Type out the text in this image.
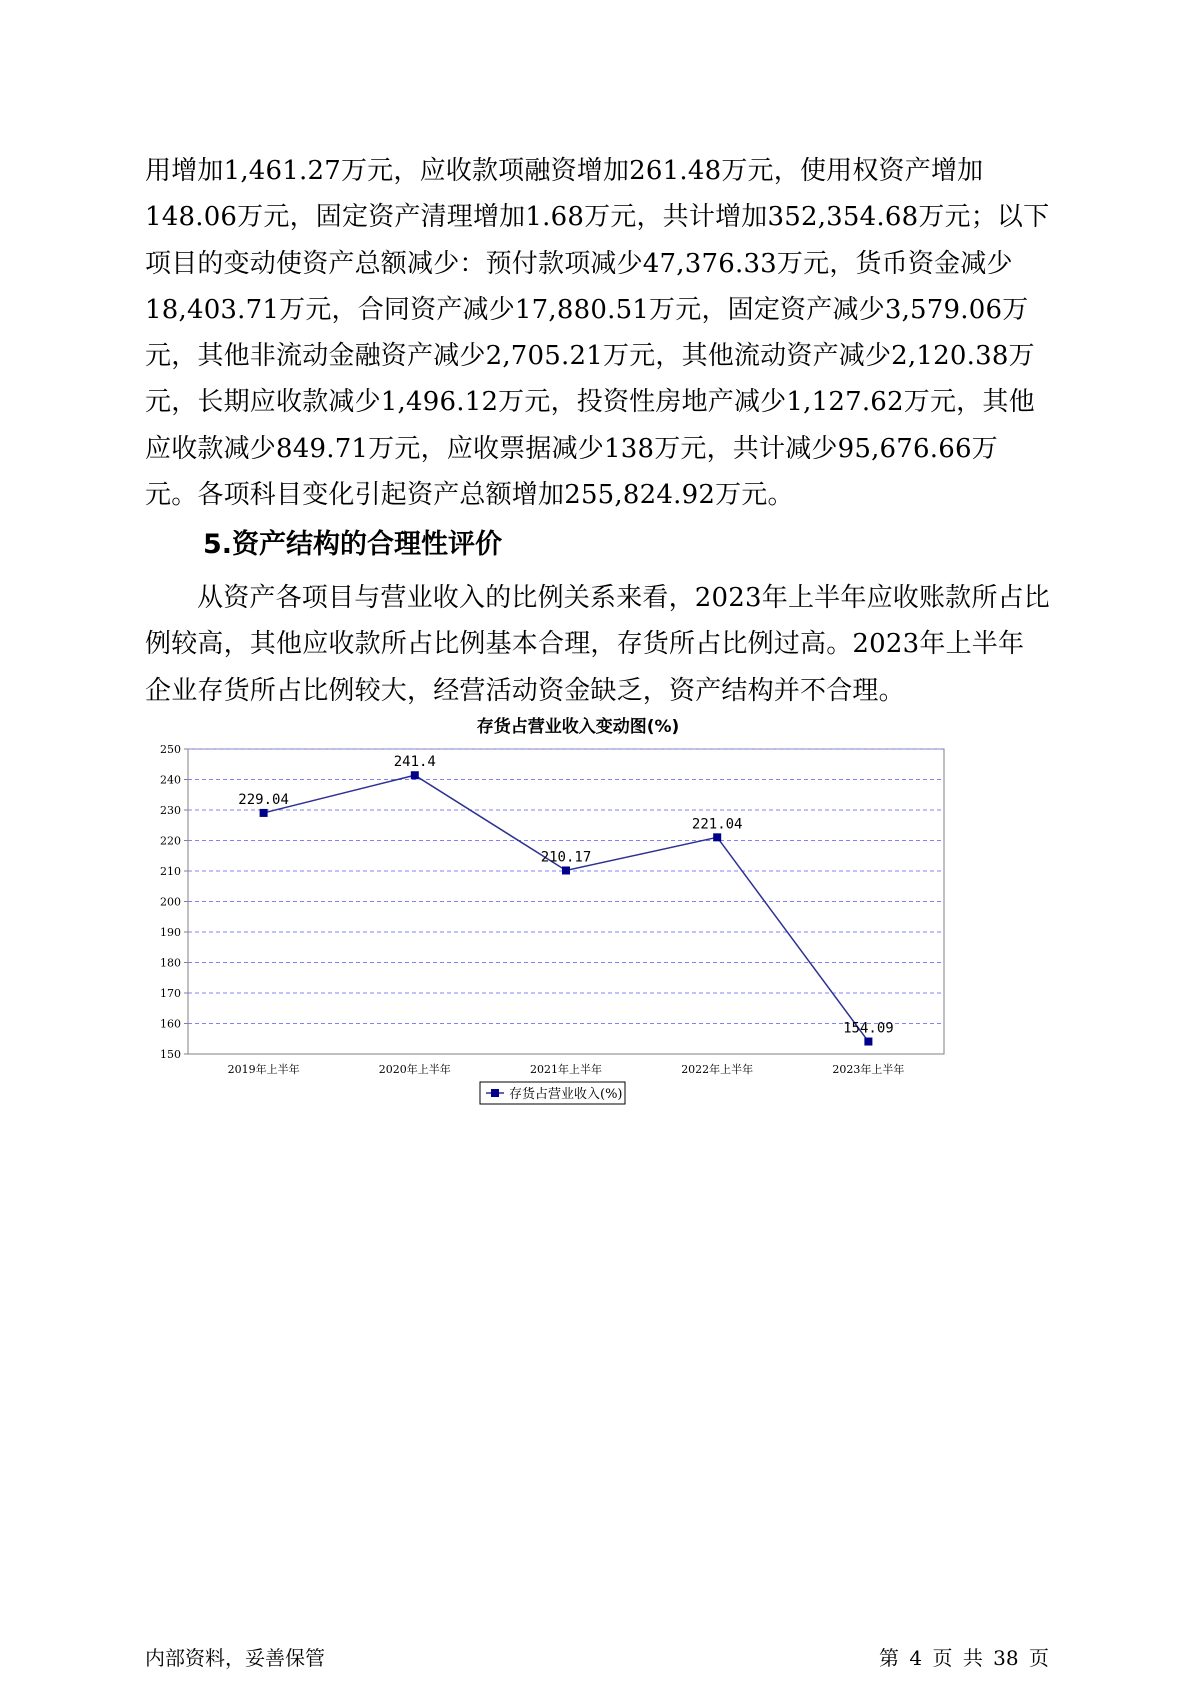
用增加1,461.27万元，应收款项融资增加261.48万元，使用权资产增加148.06万元，固定资产清理增加1.68万元，共计增加352,354.68万元；以下项目的变动使资产总额减少：预付款项减少47,376.33万元，货币资金减少18,403.71万元，合同资产减少17,880.51万元，固定资产减少3,579.06万元，其他非流动金融资产减少2,705.21万元，其他流动资产减少2,120.38万元，长期应收款减少1,496.12万元，投资性房地产减少1,127.62万元，其他应收款减少849.71万元，应收票据减少138万元，共计减少95,676.66万元。各项科目变化引起资产总额增加255,824.92万元。

5.资产结构的合理性评价

从资产各项目与营业收入的比例关系来看，2023年上半年应收账款所占比例较高，其他应收款所占比例基本合理，存货所占比例过高。2023年上半年企业存货所占比例较大，经营活动资金缺乏，资产结构并不合理。

存货占营业收入变动图(%)
150
160
170
180
190
200
210
220
230
240
250
2019年上半年	2020年上半年	2021年上半年	2022年上半年	2023年上半年
229.04
241.4
210.17
221.04
154.09
存货占营业收入(%)

内部资料，妥善保管	第 4 页 共 38 页
